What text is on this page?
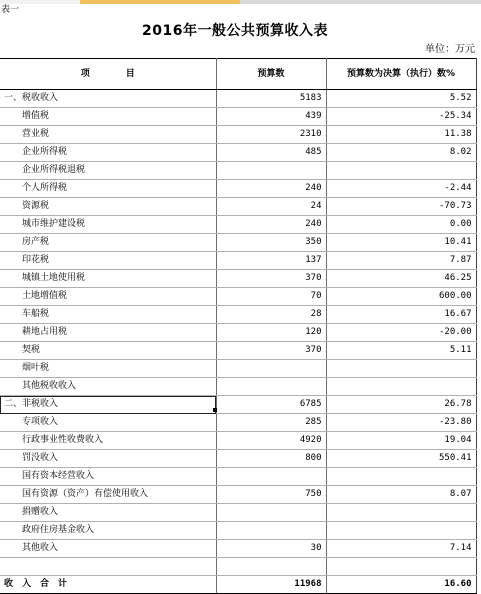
表一
2016年一般公共预算收入表
单位：万元
项　　　　目	预算数	预算数为决算（执行）数%
一、税收收入	5183	5.52
增值税	439	-25.34
营业税	2310	11.38
企业所得税	485	8.02
企业所得税退税		
个人所得税	240	-2.44
资源税	24	-70.73
城市维护建设税	240	0.00
房产税	350	10.41
印花税	137	7.87
城镇土地使用税	370	46.25
土地增值税	70	600.00
车船税	28	16.67
耕地占用税	120	-20.00
契税	370	5.11
烟叶税		
其他税收收入		
二、非税收入	6785	26.78
专项收入	285	-23.80
行政事业性收费收入	4920	19.04
罚没收入	800	550.41
国有资本经营收入		
国有资源（资产）有偿使用收入	750	8.07
捐赠收入		
政府住房基金收入		
其他收入	30	7.14

收　入　合　计	11968	16.60
